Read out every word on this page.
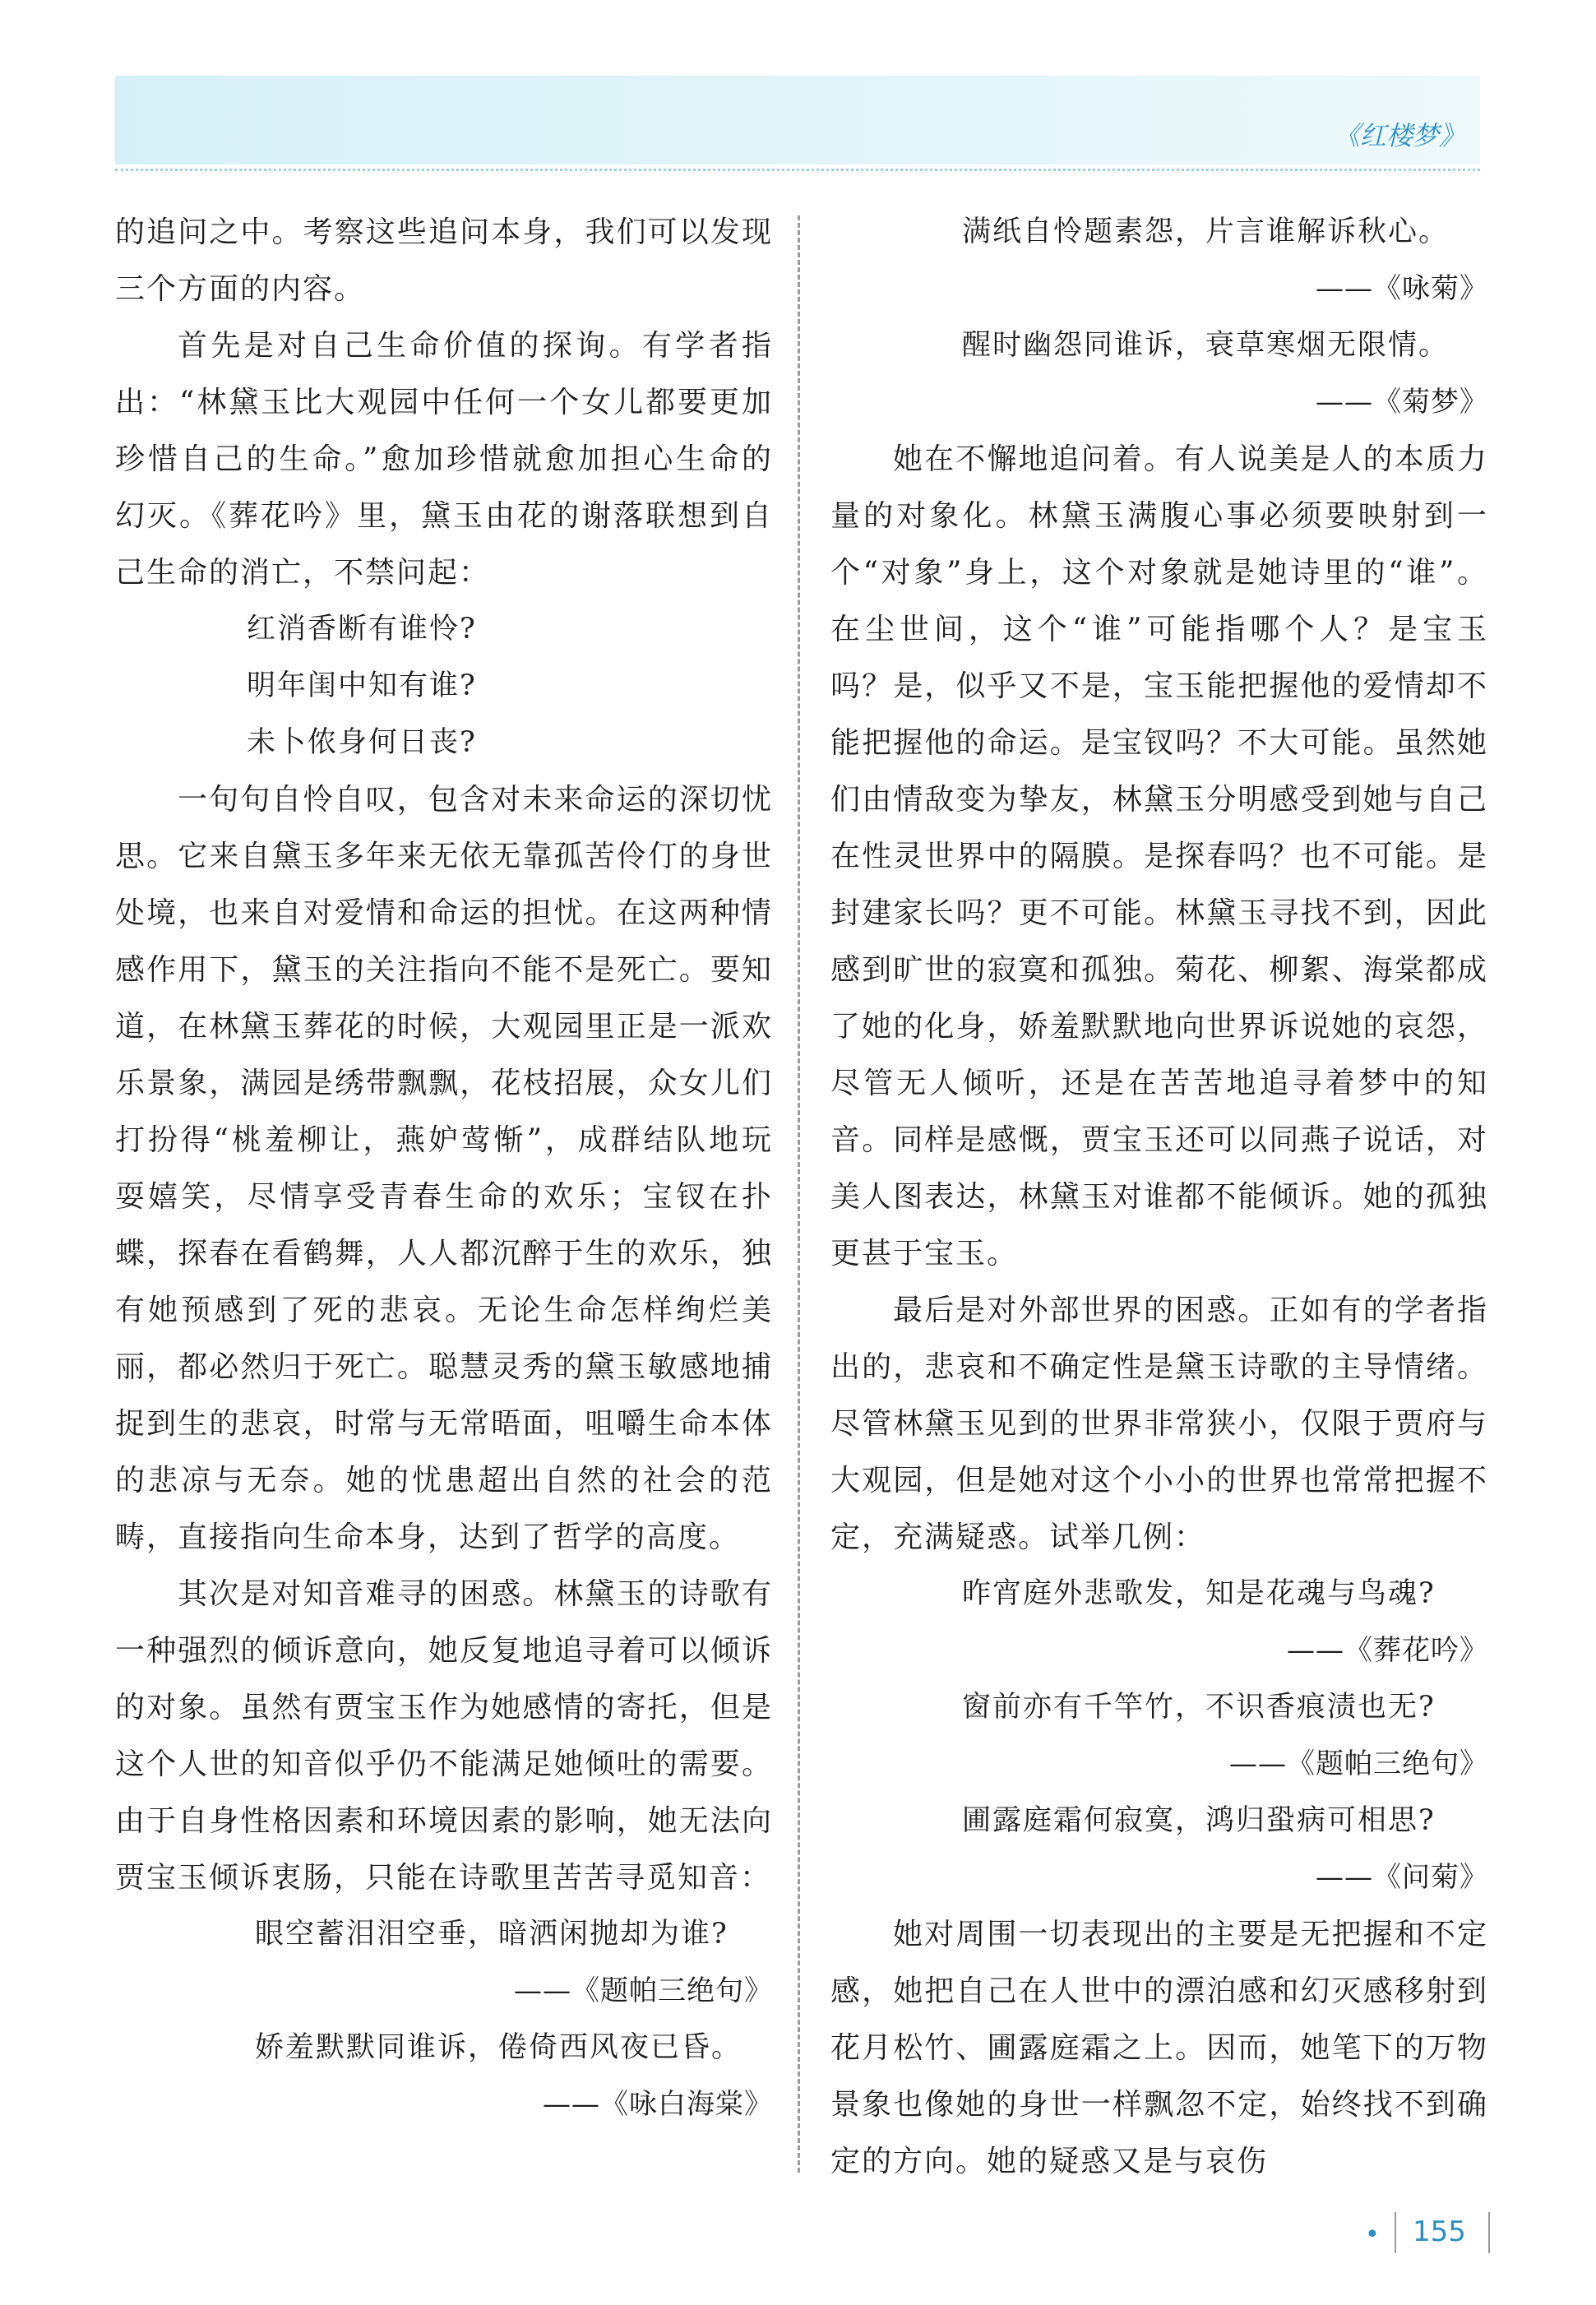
《红楼梦》

的追问之中。考察这些追问本身，我们可以发现三个方面的内容。

首先是对自己生命价值的探询。有学者指出：“林黛玉比大观园中任何一个女儿都要更加珍惜自己的生命。”愈加珍惜就愈加担心生命的幻灭。《葬花吟》里，黛玉由花的谢落联想到自己生命的消亡，不禁问起：

红消香断有谁怜?

明年闺中知有谁?

未卜侬身何日丧?

一句句自怜自叹，包含对未来命运的深切忧思。它来自黛玉多年来无依无靠孤苦伶仃的身世处境，也来自对爱情和命运的担忧。在这两种情感作用下，黛玉的关注指向不能不是死亡。要知道，在林黛玉葬花的时候，大观园里正是一派欢乐景象，满园是绣带飘飘，花枝招展，众女儿们打扮得“桃羞柳让，燕妒莺惭”，成群结队地玩耍嬉笑，尽情享受青春生命的欢乐；宝钗在扑蝶，探春在看鹤舞，人人都沉醉于生的欢乐，独有她预感到了死的悲哀。无论生命怎样绚烂美丽，都必然归于死亡。聪慧灵秀的黛玉敏感地捕捉到生的悲哀，时常与无常晤面，咀嚼生命本体的悲凉与无奈。她的忧患超出自然的社会的范畴，直接指向生命本身，达到了哲学的高度。

其次是对知音难寻的困惑。林黛玉的诗歌有一种强烈的倾诉意向，她反复地追寻着可以倾诉的对象。虽然有贾宝玉作为她感情的寄托，但是这个人世的知音似乎仍不能满足她倾吐的需要。由于自身性格因素和环境因素的影响，她无法向贾宝玉倾诉衷肠，只能在诗歌里苦苦寻觅知音：

眼空蓄泪泪空垂，暗洒闲抛却为谁?

——《题帕三绝句》

娇羞默默同谁诉，倦倚西风夜已昏。

——《咏白海棠》

满纸自怜题素怨，片言谁解诉秋心。

——《咏菊》

醒时幽怨同谁诉，衰草寒烟无限情。

——《菊梦》

她在不懈地追问着。有人说美是人的本质力量的对象化。林黛玉满腹心事必须要映射到一个“对象”身上，这个对象就是她诗里的“谁”。在尘世间，这个“谁”可能指哪个人？是宝玉吗？是，似乎又不是，宝玉能把握他的爱情却不能把握他的命运。是宝钗吗？不大可能。虽然她们由情敌变为挚友，林黛玉分明感受到她与自己在性灵世界中的隔膜。是探春吗？也不可能。是封建家长吗？更不可能。林黛玉寻找不到，因此感到旷世的寂寞和孤独。菊花、柳絮、海棠都成了她的化身，娇羞默默地向世界诉说她的哀怨，尽管无人倾听，还是在苦苦地追寻着梦中的知音。同样是感慨，贾宝玉还可以同燕子说话，对美人图表达，林黛玉对谁都不能倾诉。她的孤独更甚于宝玉。

最后是对外部世界的困惑。正如有的学者指出的，悲哀和不确定性是黛玉诗歌的主导情绪。尽管林黛玉见到的世界非常狭小，仅限于贾府与大观园，但是她对这个小小的世界也常常把握不定，充满疑惑。试举几例：

昨宵庭外悲歌发，知是花魂与鸟魂?

——《葬花吟》

窗前亦有千竿竹，不识香痕渍也无?

——《题帕三绝句》

圃露庭霜何寂寞，鸿归蛩病可相思?

——《问菊》

她对周围一切表现出的主要是无把握和不定感，她把自己在人世中的漂泊感和幻灭感移射到花月松竹、圃露庭霜之上。因而，她笔下的万物景象也像她的身世一样飘忽不定，始终找不到确定的方向。她的疑惑又是与哀伤

• 155
